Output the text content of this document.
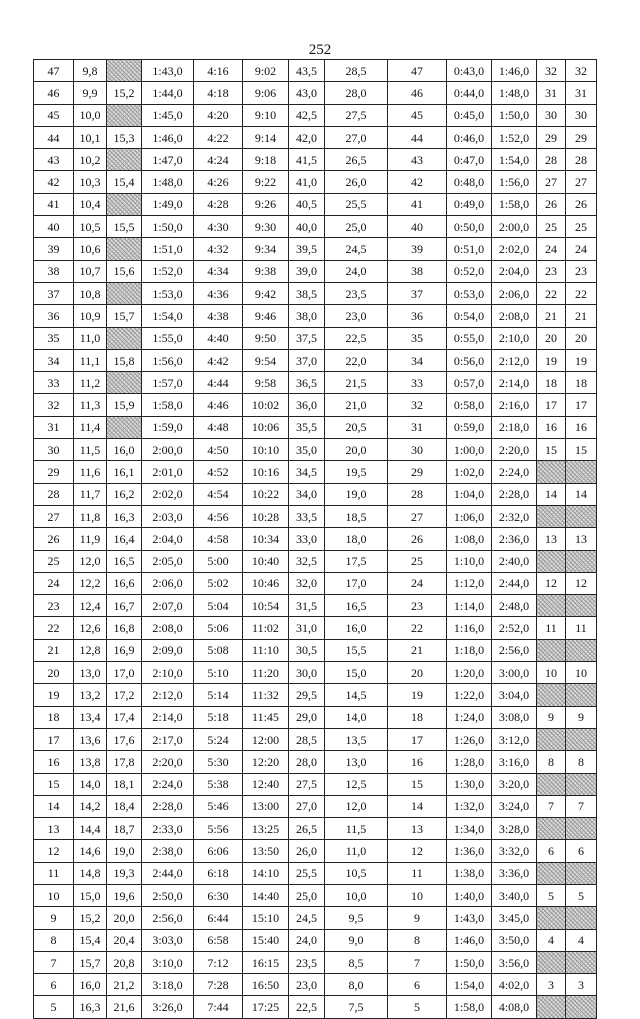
252
47	9,8		1:43,0	4:16	9:02	43,5	28,5	47	0:43,0	1:46,0	32	32
46	9,9	15,2	1:44,0	4:18	9:06	43,0	28,0	46	0:44,0	1:48,0	31	31
45	10,0		1:45,0	4:20	9:10	42,5	27,5	45	0:45,0	1:50,0	30	30
44	10,1	15,3	1:46,0	4:22	9:14	42,0	27,0	44	0:46,0	1:52,0	29	29
43	10,2		1:47,0	4:24	9:18	41,5	26,5	43	0:47,0	1:54,0	28	28
42	10,3	15,4	1:48,0	4:26	9:22	41,0	26,0	42	0:48,0	1:56,0	27	27
41	10,4		1:49,0	4:28	9:26	40,5	25,5	41	0:49,0	1:58,0	26	26
40	10,5	15,5	1:50,0	4:30	9:30	40,0	25,0	40	0:50,0	2:00,0	25	25
39	10,6		1:51,0	4:32	9:34	39,5	24,5	39	0:51,0	2:02,0	24	24
38	10,7	15,6	1:52,0	4:34	9:38	39,0	24,0	38	0:52,0	2:04,0	23	23
37	10,8		1:53,0	4:36	9:42	38,5	23,5	37	0:53,0	2:06,0	22	22
36	10,9	15,7	1:54,0	4:38	9:46	38,0	23,0	36	0:54,0	2:08,0	21	21
35	11,0		1:55,0	4:40	9:50	37,5	22,5	35	0:55,0	2:10,0	20	20
34	11,1	15,8	1:56,0	4:42	9:54	37,0	22,0	34	0:56,0	2:12,0	19	19
33	11,2		1:57,0	4:44	9:58	36,5	21,5	33	0:57,0	2:14,0	18	18
32	11,3	15,9	1:58,0	4:46	10:02	36,0	21,0	32	0:58,0	2:16,0	17	17
31	11,4		1:59,0	4:48	10:06	35,5	20,5	31	0:59,0	2:18,0	16	16
30	11,5	16,0	2:00,0	4:50	10:10	35,0	20,0	30	1:00,0	2:20,0	15	15
29	11,6	16,1	2:01,0	4:52	10:16	34,5	19,5	29	1:02,0	2:24,0		
28	11,7	16,2	2:02,0	4:54	10:22	34,0	19,0	28	1:04,0	2:28,0	14	14
27	11,8	16,3	2:03,0	4:56	10:28	33,5	18,5	27	1:06,0	2:32,0		
26	11,9	16,4	2:04,0	4:58	10:34	33,0	18,0	26	1:08,0	2:36,0	13	13
25	12,0	16,5	2:05,0	5:00	10:40	32,5	17,5	25	1:10,0	2:40,0		
24	12,2	16,6	2:06,0	5:02	10:46	32,0	17,0	24	1:12,0	2:44,0	12	12
23	12,4	16,7	2:07,0	5:04	10:54	31,5	16,5	23	1:14,0	2:48,0		
22	12,6	16,8	2:08,0	5:06	11:02	31,0	16,0	22	1:16,0	2:52,0	11	11
21	12,8	16,9	2:09,0	5:08	11:10	30,5	15,5	21	1:18,0	2:56,0		
20	13,0	17,0	2:10,0	5:10	11:20	30,0	15,0	20	1:20,0	3:00,0	10	10
19	13,2	17,2	2:12,0	5:14	11:32	29,5	14,5	19	1:22,0	3:04,0		
18	13,4	17,4	2:14,0	5:18	11:45	29,0	14,0	18	1:24,0	3:08,0	9	9
17	13,6	17,6	2:17,0	5:24	12:00	28,5	13,5	17	1:26,0	3:12,0		
16	13,8	17,8	2:20,0	5:30	12:20	28,0	13,0	16	1:28,0	3:16,0	8	8
15	14,0	18,1	2:24,0	5:38	12:40	27,5	12,5	15	1:30,0	3:20,0		
14	14,2	18,4	2:28,0	5:46	13:00	27,0	12,0	14	1:32,0	3:24,0	7	7
13	14,4	18,7	2:33,0	5:56	13:25	26,5	11,5	13	1:34,0	3:28,0		
12	14,6	19,0	2:38,0	6:06	13:50	26,0	11,0	12	1:36,0	3:32,0	6	6
11	14,8	19,3	2:44,0	6:18	14:10	25,5	10,5	11	1:38,0	3:36,0		
10	15,0	19,6	2:50,0	6:30	14:40	25,0	10,0	10	1:40,0	3:40,0	5	5
9	15,2	20,0	2:56,0	6:44	15:10	24,5	9,5	9	1:43,0	3:45,0		
8	15,4	20,4	3:03,0	6:58	15:40	24,0	9,0	8	1:46,0	3:50,0	4	4
7	15,7	20,8	3:10,0	7:12	16:15	23,5	8,5	7	1:50,0	3:56,0		
6	16,0	21,2	3:18,0	7:28	16:50	23,0	8,0	6	1:54,0	4:02,0	3	3
5	16,3	21,6	3:26,0	7:44	17:25	22,5	7,5	5	1:58,0	4:08,0		
